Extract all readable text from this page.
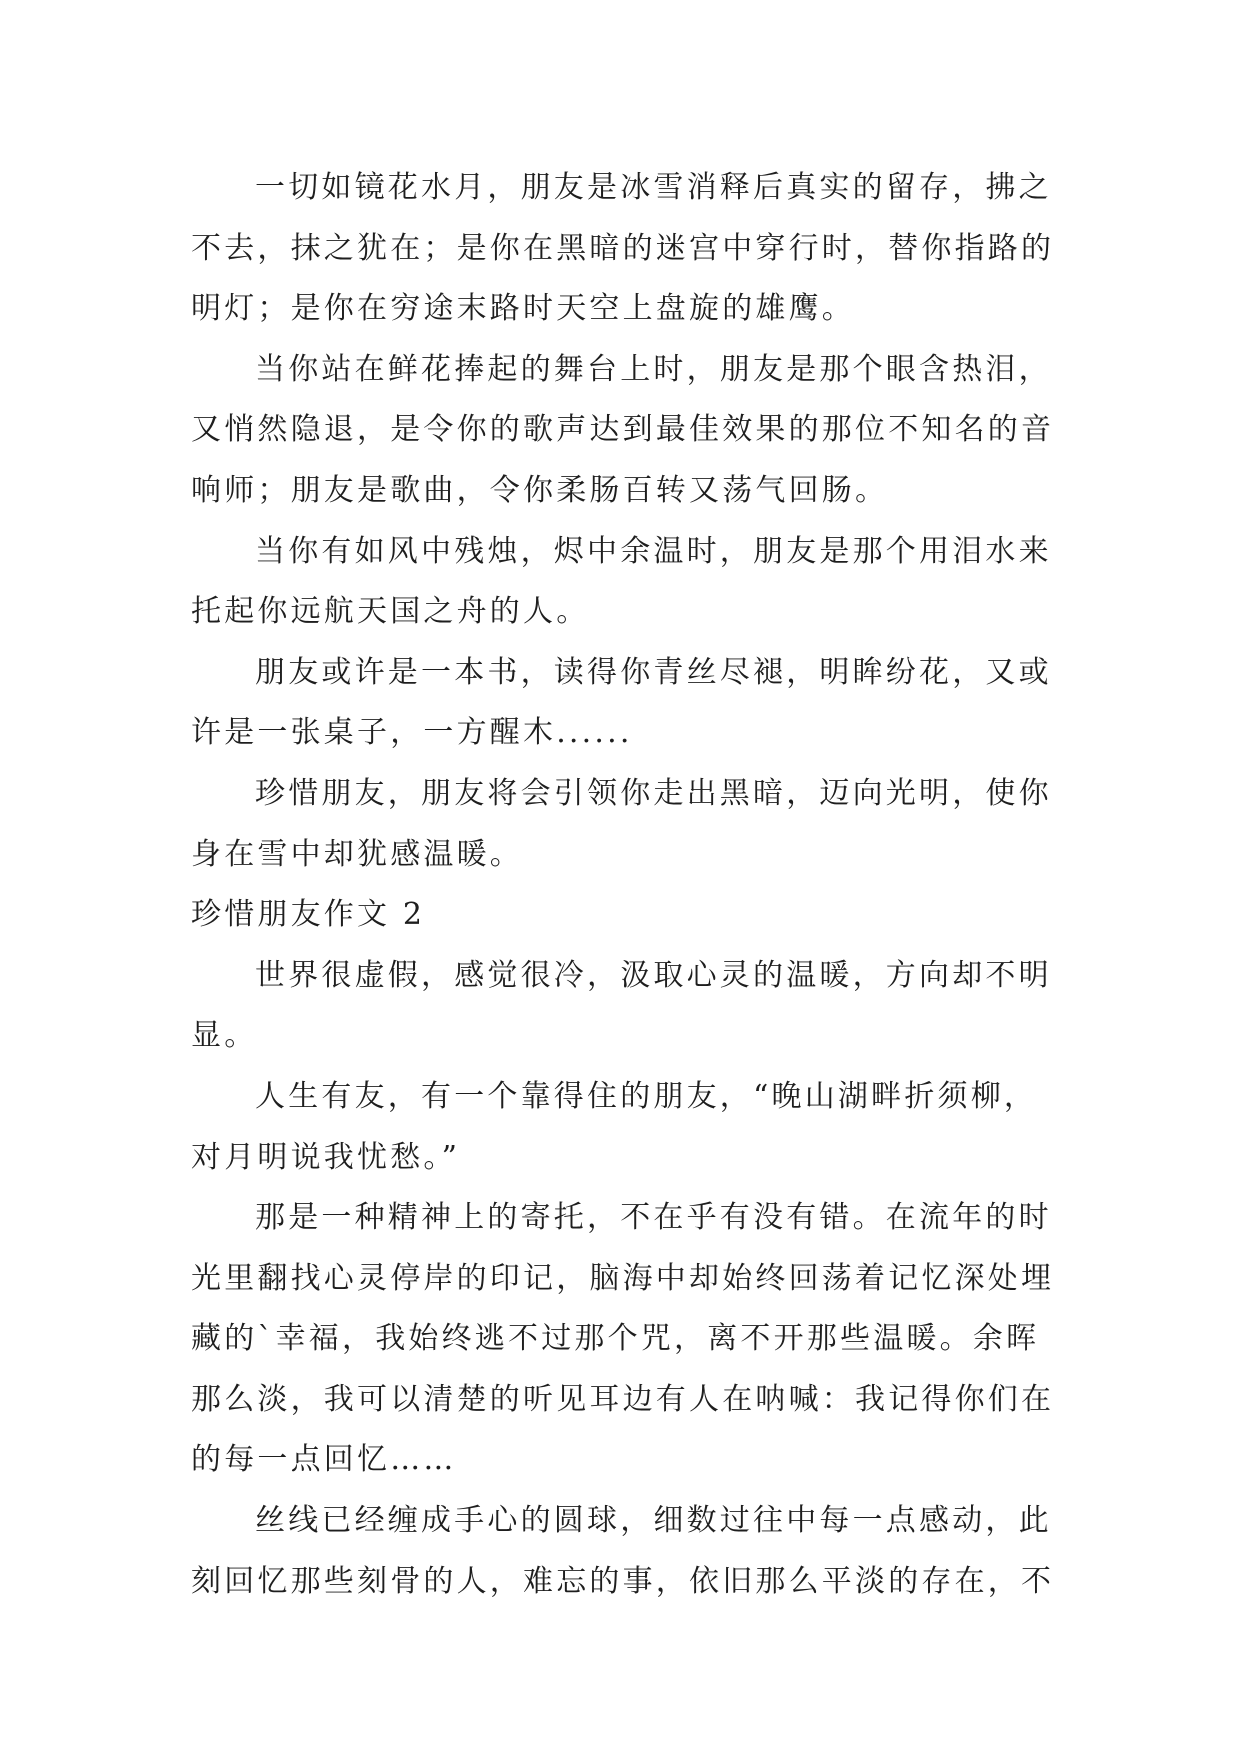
一切如镜花水月，朋友是冰雪消释后真实的留存，拂之
不去，抹之犹在；是你在黑暗的迷宫中穿行时，替你指路的
明灯；是你在穷途末路时天空上盘旋的雄鹰。
当你站在鲜花捧起的舞台上时，朋友是那个眼含热泪，
又悄然隐退，是令你的歌声达到最佳效果的那位不知名的音
响师；朋友是歌曲，令你柔肠百转又荡气回肠。
当你有如风中残烛，烬中余温时，朋友是那个用泪水来
托起你远航天国之舟的人。
朋友或许是一本书，读得你青丝尽褪，明眸纷花，又或
许是一张桌子，一方醒木......
珍惜朋友，朋友将会引领你走出黑暗，迈向光明，使你
身在雪中却犹感温暖。
珍惜朋友作文 2
世界很虚假，感觉很冷，汲取心灵的温暖，方向却不明
显。
人生有友，有一个靠得住的朋友，“晚山湖畔折须柳，
对月明说我忧愁。”
那是一种精神上的寄托，不在乎有没有错。在流年的时
光里翻找心灵停岸的印记，脑海中却始终回荡着记忆深处埋
藏的`幸福，我始终逃不过那个咒，离不开那些温暖。余晖
那么淡，我可以清楚的听见耳边有人在呐喊：我记得你们在
的每一点回忆……
丝线已经缠成手心的圆球，细数过往中每一点感动，此
刻回忆那些刻骨的人，难忘的事，依旧那么平淡的存在，不
